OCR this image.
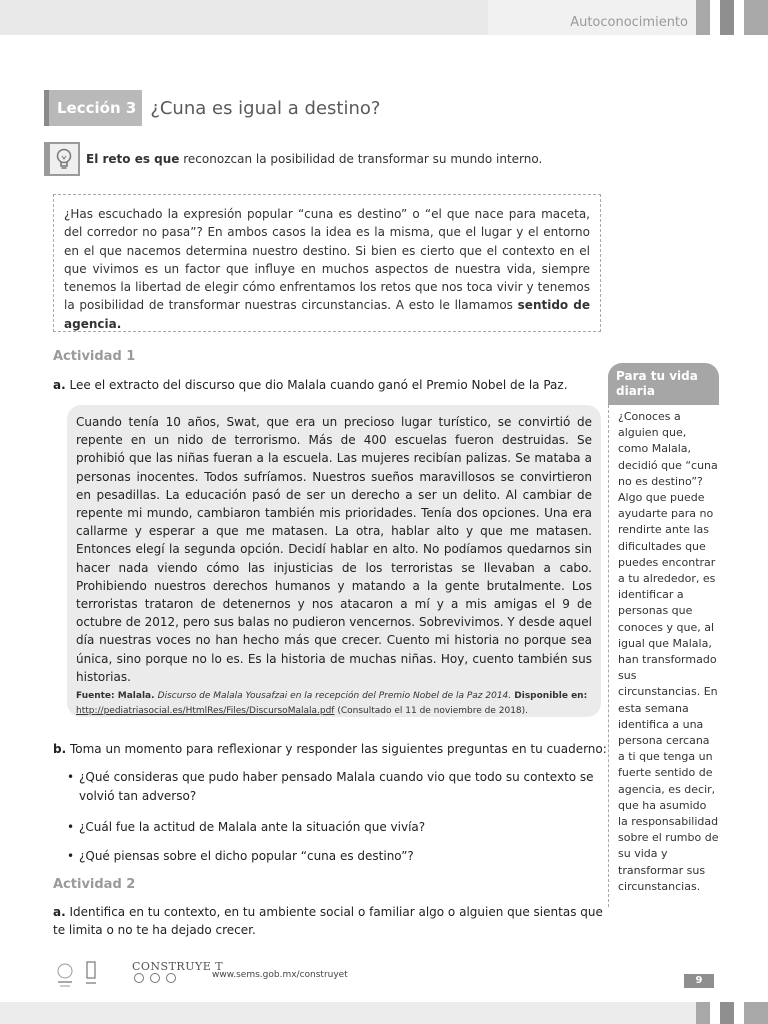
Autoconocimiento
Lección 3 ¿Cuna es igual a destino?
El reto es que reconozcan la posibilidad de transformar su mundo interno.
¿Has escuchado la expresión popular “cuna es destino” o “el que nace para maceta, del corredor no pasa”? En ambos casos la idea es la misma, que el lugar y el entorno en el que nacemos determina nuestro destino. Si bien es cierto que el contexto en el que vivimos es un factor que influye en muchos aspectos de nuestra vida, siempre tenemos la libertad de elegir cómo enfrentamos los retos que nos toca vivir y tenemos la posibilidad de transformar nuestras circunstancias. A esto le llamamos sentido de agencia.
Actividad 1
a. Lee el extracto del discurso que dio Malala cuando ganó el Premio Nobel de la Paz.
Cuando tenía 10 años, Swat, que era un precioso lugar turístico, se convirtió de repente en un nido de terrorismo. Más de 400 escuelas fueron destruidas. Se prohibió que las niñas fueran a la escuela. Las mujeres recibían palizas. Se mataba a personas inocentes. Todos sufríamos. Nuestros sueños maravillosos se convirtieron en pesadillas. La educación pasó de ser un derecho a ser un delito. Al cambiar de repente mi mundo, cambiaron también mis prioridades. Tenía dos opciones. Una era callarme y esperar a que me matasen. La otra, hablar alto y que me matasen. Entonces elegí la segunda opción. Decidí hablar en alto. No podíamos quedarnos sin hacer nada viendo cómo las injusticias de los terroristas se llevaban a cabo. Prohibiendo nuestros derechos humanos y matando a la gente brutalmente. Los terroristas trataron de detenernos y nos atacaron a mí y a mis amigas el 9 de octubre de 2012, pero sus balas no pudieron vencernos. Sobrevivimos. Y desde aquel día nuestras voces no han hecho más que crecer. Cuento mi historia no porque sea única, sino porque no lo es. Es la historia de muchas niñas. Hoy, cuento también sus historias.
Fuente: Malala. Discurso de Malala Yousafzai en la recepción del Premio Nobel de la Paz 2014. Disponible en:
http://pediatriasocial.es/HtmlRes/Files/DiscursoMalala.pdf (Consultado el 11 de noviembre de 2018).
b. Toma un momento para reflexionar y responder las siguientes preguntas en tu cuaderno:
• ¿Qué consideras que pudo haber pensado Malala cuando vio que todo su contexto se volvió tan adverso?
• ¿Cuál fue la actitud de Malala ante la situación que vivía?
• ¿Qué piensas sobre el dicho popular “cuna es destino”?
Actividad 2
a. Identifica en tu contexto, en tu ambiente social o familiar algo o alguien que sientas que te limita o no te ha dejado crecer.
Para tu vida diaria
¿Conoces a alguien que, como Malala, decidió que “cuna no es destino”? Algo que puede ayudarte para no rendirte ante las dificultades que puedes encontrar a tu alrededor, es identificar a personas que conoces y que, al igual que Malala, han transformado sus circunstancias. En esta semana identifica a una persona cercana a ti que tenga un fuerte sentido de agencia, es decir, que ha asumido la responsabilidad sobre el rumbo de su vida y transformar sus circunstancias.
CONSTRUYE T
www.sems.gob.mx/construyet	9
